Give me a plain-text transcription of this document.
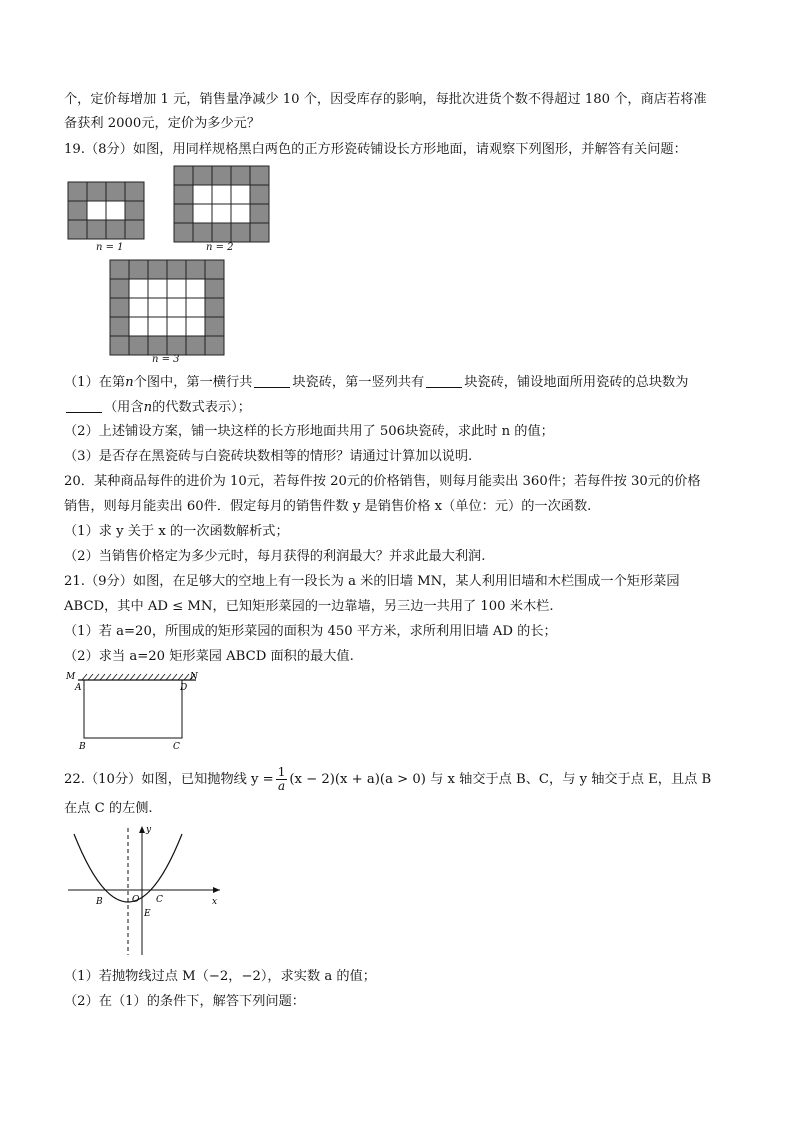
个，定价每增加 1 元，销售量净减少 10 个，因受库存的影响，每批次进货个数不得超过 180 个，商店若将准
备获利 2000元，定价为多少元？
19.（8分）如图，用同样规格黑白两色的正方形瓷砖铺设长方形地面，请观察下列图形，并解答有关问题：
n = 1	n = 2
n = 3
（1）在第n个图中，第一横行共	块瓷砖，第一竖列共有	块瓷砖，铺设地面所用瓷砖的总块数为
（用含n的代数式表示）；
（2）上述铺设方案，铺一块这样的长方形地面共用了 506块瓷砖，求此时 n 的值；
（3）是否存在黑瓷砖与白瓷砖块数相等的情形？请通过计算加以说明.
20．某种商品每件的进价为 10元，若每件按 20元的价格销售，则每月能卖出 360件；若每件按 30元的价格
销售，则每月能卖出 60件．假定每月的销售件数 y 是销售价格 x（单位：元）的一次函数.
（1）求 y 关于 x 的一次函数解析式；
（2）当销售价格定为多少元时，每月获得的利润最大？并求此最大利润.
21.（9分）如图，在足够大的空地上有一段长为 a 米的旧墙 MN，某人利用旧墙和木栏围成一个矩形菜园
ABCD，其中 AD ≤ MN，已知矩形菜园的一边靠墙，另三边一共用了 100 米木栏.
（1）若 a=20，所围成的矩形菜园的面积为 450 平方米，求所利用旧墙 AD 的长；
（2）求当 a=20 矩形菜园 ABCD 面积的最大值.
M	N
A	D
B	C
22.（10分）如图，已知抛物线 $y = \frac{1}{a} (x - 2)(x + a)(a > 0)$ 与 x 轴交于点 B、C，与 y 轴交于点 E，且点 B
在点 C 的左侧.
y
x
O
B	C
E
（1）若抛物线过点 M（−2，−2），求实数 a 的值；
（2）在（1）的条件下，解答下列问题：
